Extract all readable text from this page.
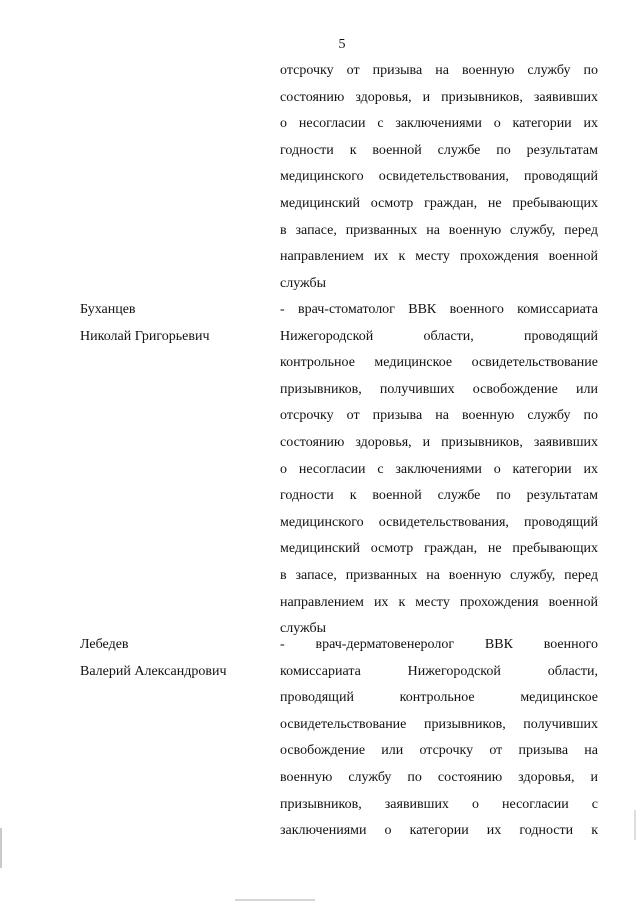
5
отсрочку от призыва на военную службу по
состоянию здоровья, и призывников, заявивших
о несогласии с заключениями о категории их
годности к военной службе по результатам
медицинского освидетельствования, проводящий
медицинский осмотр граждан, не пребывающих
в запасе, призванных на военную службу, перед
направлением их к месту прохождения военной
службы
Буханцев
Николай Григорьевич
- врач-стоматолог ВВК военного комиссариата
Нижегородской области, проводящий
контрольное медицинское освидетельствование
призывников, получивших освобождение или
отсрочку от призыва на военную службу по
состоянию здоровья, и призывников, заявивших
о несогласии с заключениями о категории их
годности к военной службе по результатам
медицинского освидетельствования, проводящий
медицинский осмотр граждан, не пребывающих
в запасе, призванных на военную службу, перед
направлением их к месту прохождения военной
службы
Лебедев
Валерий Александрович
- врач-дерматовенеролог ВВК военного
комиссариата Нижегородской области,
проводящий контрольное медицинское
освидетельствование призывников, получивших
освобождение или отсрочку от призыва на
военную службу по состоянию здоровья, и
призывников, заявивших о несогласии с
заключениями о категории их годности к
